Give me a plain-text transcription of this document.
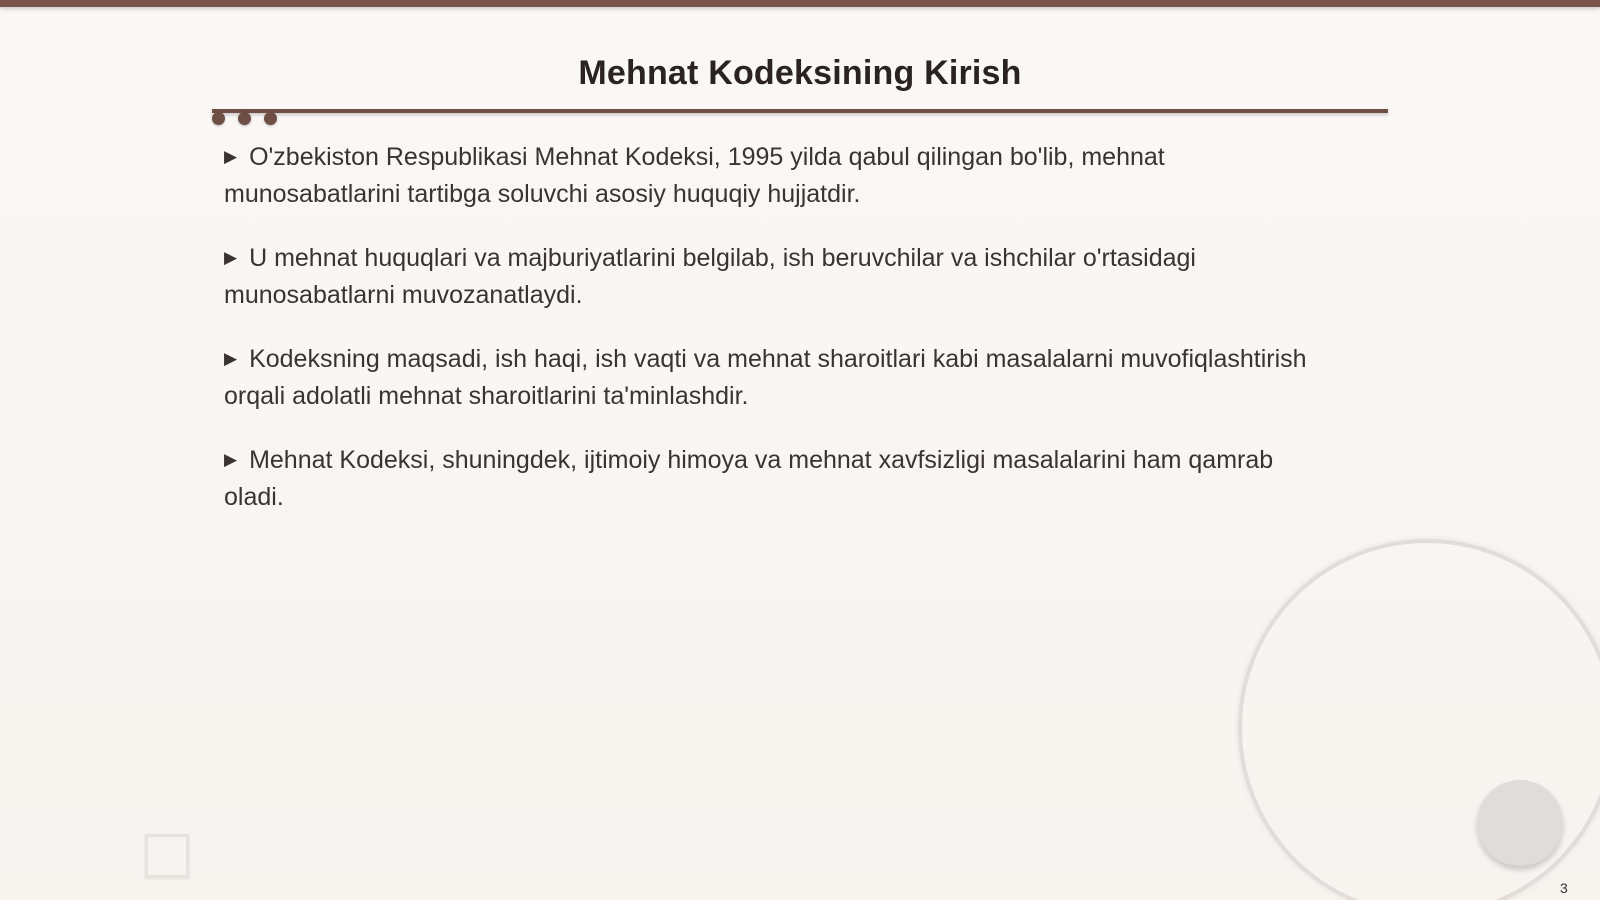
Mehnat Kodeksining Kirish

▶ O'zbekiston Respublikasi Mehnat Kodeksi, 1995 yilda qabul qilingan bo'lib, mehnat munosabatlarini tartibga soluvchi asosiy huquqiy hujjatdir.

▶ U mehnat huquqlari va majburiyatlarini belgilab, ish beruvchilar va ishchilar o'rtasidagi munosabatlarni muvozanatlaydi.

▶ Kodeksning maqsadi, ish haqi, ish vaqti va mehnat sharoitlari kabi masalalarni muvofiqlashtirish orqali adolatli mehnat sharoitlarini ta'minlashdir.

▶ Mehnat Kodeksi, shuningdek, ijtimoiy himoya va mehnat xavfsizligi masalalarini ham qamrab oladi.

3
